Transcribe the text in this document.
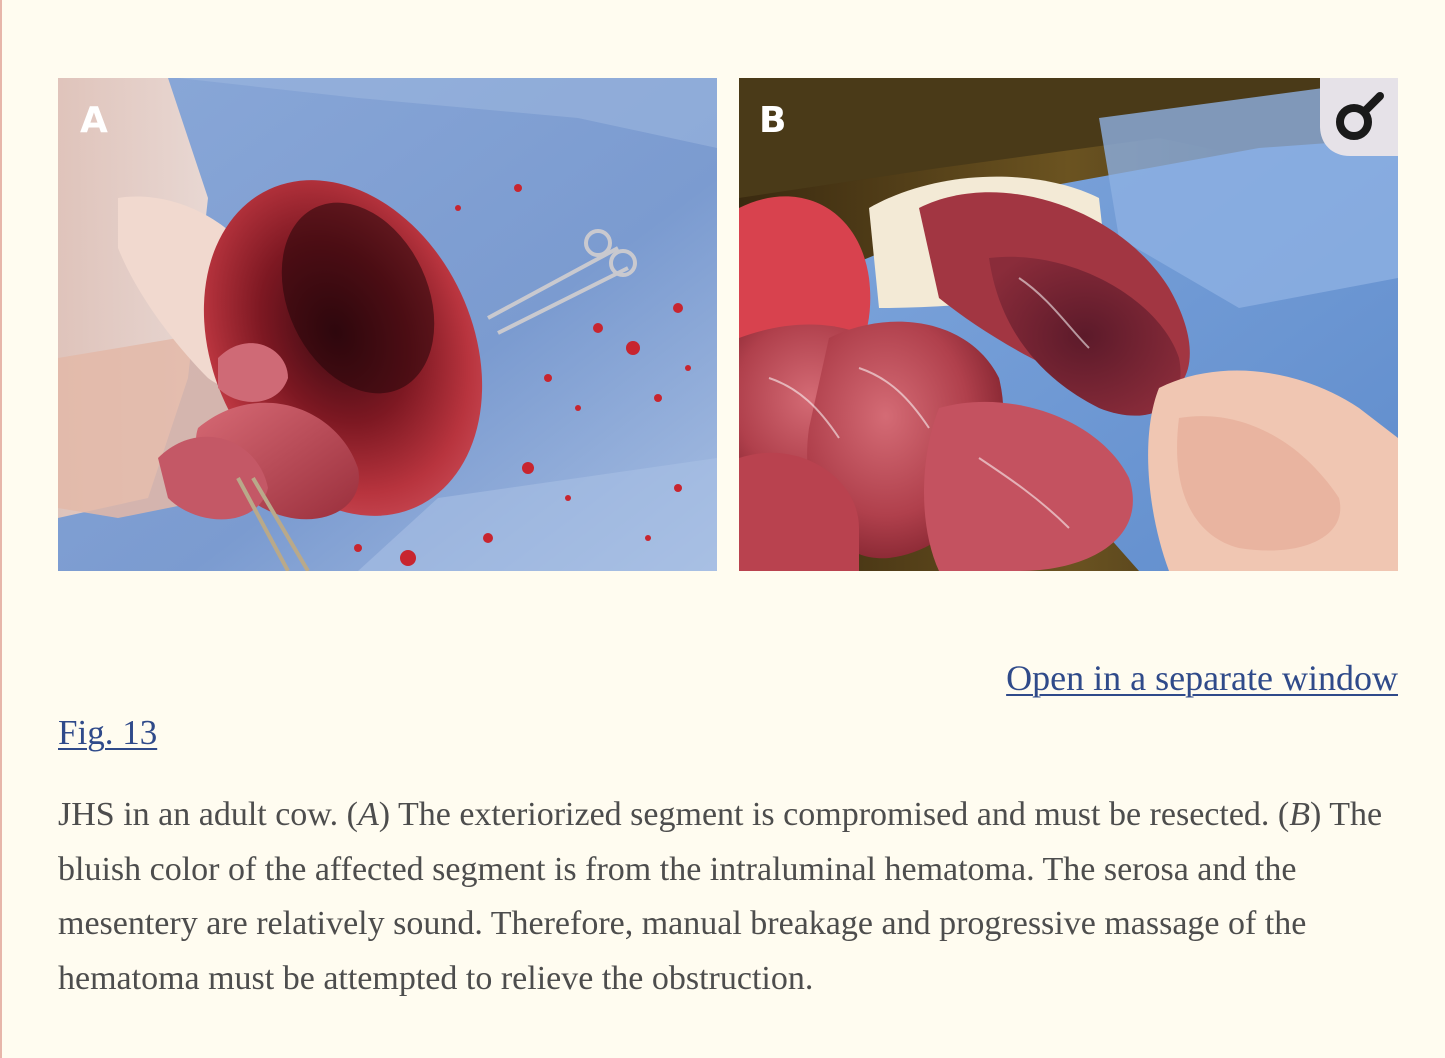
A	B
Open in a separate window
Fig. 13

JHS in an adult cow. (A) The exteriorized segment is compromised and must be resected. (B) The bluish color of the affected segment is from the intraluminal hematoma. The serosa and the mesentery are relatively sound. Therefore, manual breakage and progressive massage of the hematoma must be attempted to relieve the obstruction.
